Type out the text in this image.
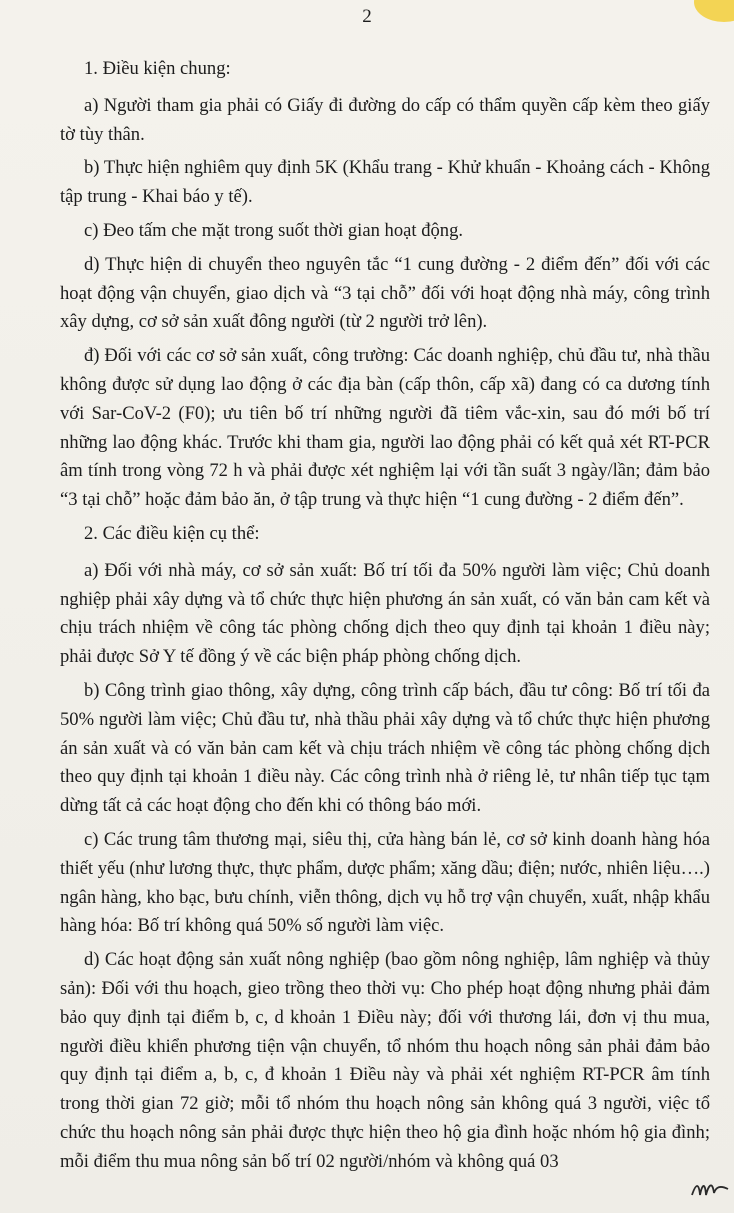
2

1. Điều kiện chung:

a) Người tham gia phải có Giấy đi đường do cấp có thẩm quyền cấp kèm theo giấy tờ tùy thân.

b) Thực hiện nghiêm quy định 5K (Khẩu trang - Khử khuẩn - Khoảng cách - Không tập trung - Khai báo y tế).

c) Đeo tấm che mặt trong suốt thời gian hoạt động.

d) Thực hiện di chuyển theo nguyên tắc “1 cung đường - 2 điểm đến” đối với các hoạt động vận chuyển, giao dịch và “3 tại chỗ” đối với hoạt động nhà máy, công trình xây dựng, cơ sở sản xuất đông người (từ 2 người trở lên).

đ) Đối với các cơ sở sản xuất, công trường: Các doanh nghiệp, chủ đầu tư, nhà thầu không được sử dụng lao động ở các địa bàn (cấp thôn, cấp xã) đang có ca dương tính với Sar-CoV-2 (F0); ưu tiên bố trí những người đã tiêm vắc-xin, sau đó mới bố trí những lao động khác. Trước khi tham gia, người lao động phải có kết quả xét RT-PCR âm tính trong vòng 72 h và phải được xét nghiệm lại với tần suất 3 ngày/lần; đảm bảo “3 tại chỗ” hoặc đảm bảo ăn, ở tập trung và thực hiện “1 cung đường - 2 điểm đến”.

2. Các điều kiện cụ thể:

a) Đối với nhà máy, cơ sở sản xuất: Bố trí tối đa 50% người làm việc; Chủ doanh nghiệp phải xây dựng và tổ chức thực hiện phương án sản xuất, có văn bản cam kết và chịu trách nhiệm về công tác phòng chống dịch theo quy định tại khoản 1 điều này; phải được Sở Y tế đồng ý về các biện pháp phòng chống dịch.

b) Công trình giao thông, xây dựng, công trình cấp bách, đầu tư công: Bố trí tối đa 50% người làm việc; Chủ đầu tư, nhà thầu phải xây dựng và tổ chức thực hiện phương án sản xuất và có văn bản cam kết và chịu trách nhiệm về công tác phòng chống dịch theo quy định tại khoản 1 điều này. Các công trình nhà ở riêng lẻ, tư nhân tiếp tục tạm dừng tất cả các hoạt động cho đến khi có thông báo mới.

c) Các trung tâm thương mại, siêu thị, cửa hàng bán lẻ, cơ sở kinh doanh hàng hóa thiết yếu (như lương thực, thực phẩm, dược phẩm; xăng dầu; điện; nước, nhiên liệu….) ngân hàng, kho bạc, bưu chính, viễn thông, dịch vụ hỗ trợ vận chuyển, xuất, nhập khẩu hàng hóa: Bố trí không quá 50% số người làm việc.

d) Các hoạt động sản xuất nông nghiệp (bao gồm nông nghiệp, lâm nghiệp và thủy sản): Đối với thu hoạch, gieo trồng theo thời vụ: Cho phép hoạt động nhưng phải đảm bảo quy định tại điểm b, c, d khoản 1 Điều này; đối với thương lái, đơn vị thu mua, người điều khiển phương tiện vận chuyển, tổ nhóm thu hoạch nông sản phải đảm bảo quy định tại điểm a, b, c, đ khoản 1 Điều này và phải xét nghiệm RT-PCR âm tính trong thời gian 72 giờ; mỗi tổ nhóm thu hoạch nông sản không quá 3 người, việc tổ chức thu hoạch nông sản phải được thực hiện theo hộ gia đình hoặc nhóm hộ gia đình; mỗi điểm thu mua nông sản bố trí 02 người/nhóm và không quá 03
